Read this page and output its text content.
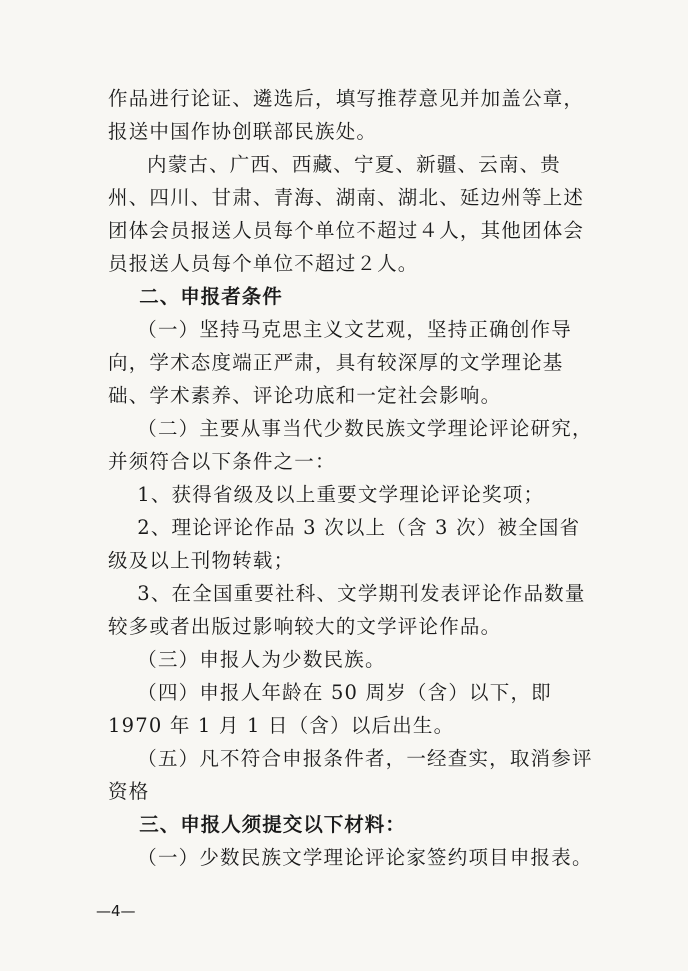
作品进行论证、遴选后，填写推荐意见并加盖公章，报送中国作协创联部民族处。

内蒙古、广西、西藏、宁夏、新疆、云南、贵州、四川、甘肃、青海、湖南、湖北、延边州等上述团体会员报送人员每个单位不超过４人，其他团体会员报送人员每个单位不超过２人。

二、申报者条件

（一）坚持马克思主义文艺观，坚持正确创作导向，学术态度端正严肃，具有较深厚的文学理论基础、学术素养、评论功底和一定社会影响。

（二）主要从事当代少数民族文学理论评论研究，并须符合以下条件之一：

1、获得省级及以上重要文学理论评论奖项；

2、理论评论作品 3 次以上（含 3 次）被全国省级及以上刊物转载；

3、在全国重要社科、文学期刊发表评论作品数量较多或者出版过影响较大的文学评论作品。

（三）申报人为少数民族。

（四）申报人年龄在 50 周岁（含）以下，即 1970 年 1 月 1 日（含）以后出生。

（五）凡不符合申报条件者，一经查实，取消参评资格

三、申报人须提交以下材料：

（一）少数民族文学理论评论家签约项目申报表。

—4—
